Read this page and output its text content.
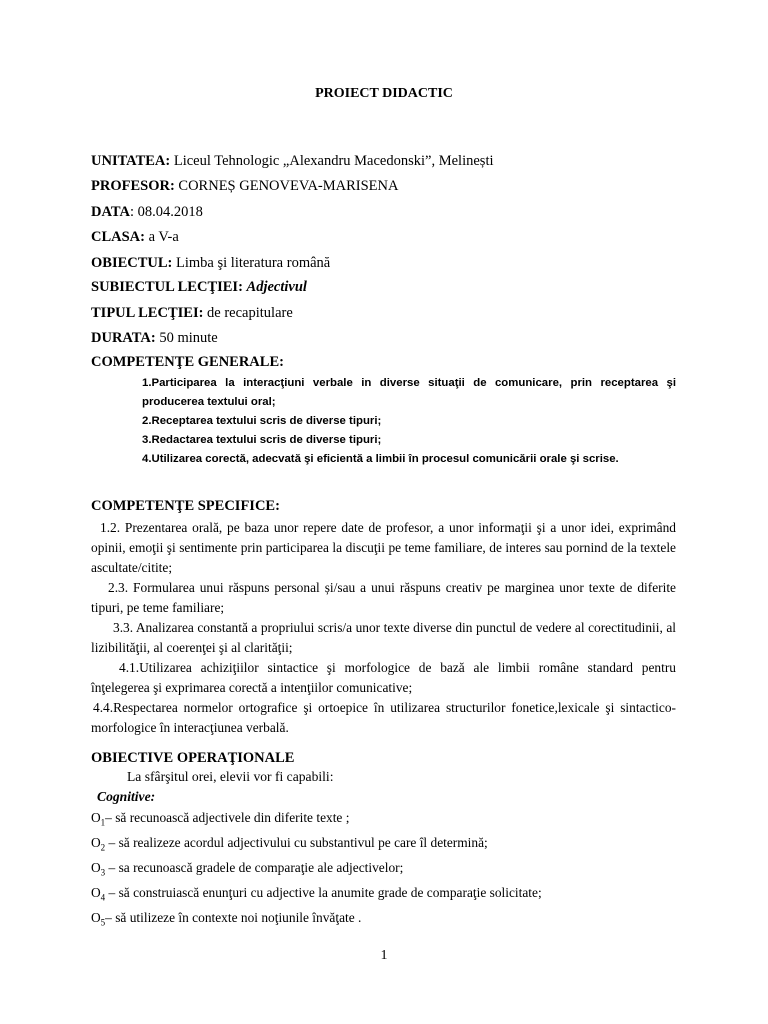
PROIECT DIDACTIC
UNITATEA: Liceul Tehnologic „Alexandru Macedonski”, Melinești
PROFESOR: CORNEȘ GENOVEVA-MARISENA
DATA: 08.04.2018
CLASA: a V-a
OBIECTUL: Limba şi literatura română
SUBIECTUL LECŢIEI: Adjectivul
TIPUL LECŢIEI: de recapitulare
DURATA: 50 minute
COMPETENŢE GENERALE:
1.Participarea la interacţiuni verbale in diverse situaţii de comunicare, prin receptarea şi producerea textului oral;
2.Receptarea textului scris de diverse tipuri;
3.Redactarea textului scris de diverse tipuri;
4.Utilizarea corectă, adecvată şi eficientă a limbii în procesul comunicării orale şi scrise.
COMPETENŢE SPECIFICE:
1.2. Prezentarea orală, pe baza unor repere date de profesor, a unor informaţii şi a unor idei, exprimând opinii, emoţii şi sentimente prin participarea la discuţii pe teme familiare, de interes sau pornind de la textele ascultate/citite;
2.3. Formularea unui răspuns personal și/sau a unui răspuns creativ pe marginea unor texte de diferite tipuri, pe teme familiare;
3.3. Analizarea constantă a propriului scris/a unor texte diverse din punctul de vedere al corectitudinii, al lizibilităţii, al coerenţei şi al clarităţii;
4.1.Utilizarea achiziţiilor sintactice şi morfologice de bază ale limbii române standard pentru înţelegerea şi exprimarea corectă a intenţiilor comunicative;
4.4.Respectarea normelor ortografice şi ortoepice în utilizarea structurilor fonetice,lexicale şi sintactico-morfologice în interacţiunea verbală.
OBIECTIVE OPERAŢIONALE
La sfârşitul orei, elevii vor fi capabili:
Cognitive:
$O_1-$ să recunoască adjectivele din diferite texte ;
$O_2$ – să realizeze acordul adjectivului cu substantivul pe care îl determină;
$O_3$ – sa recunoască gradele de comparaţie ale adjectivelor;
$O_4$ – să construiască enunţuri cu adjective la anumite grade de comparaţie solicitate;
$O_5-$ să utilizeze în contexte noi noţiunile învăţate .
1
